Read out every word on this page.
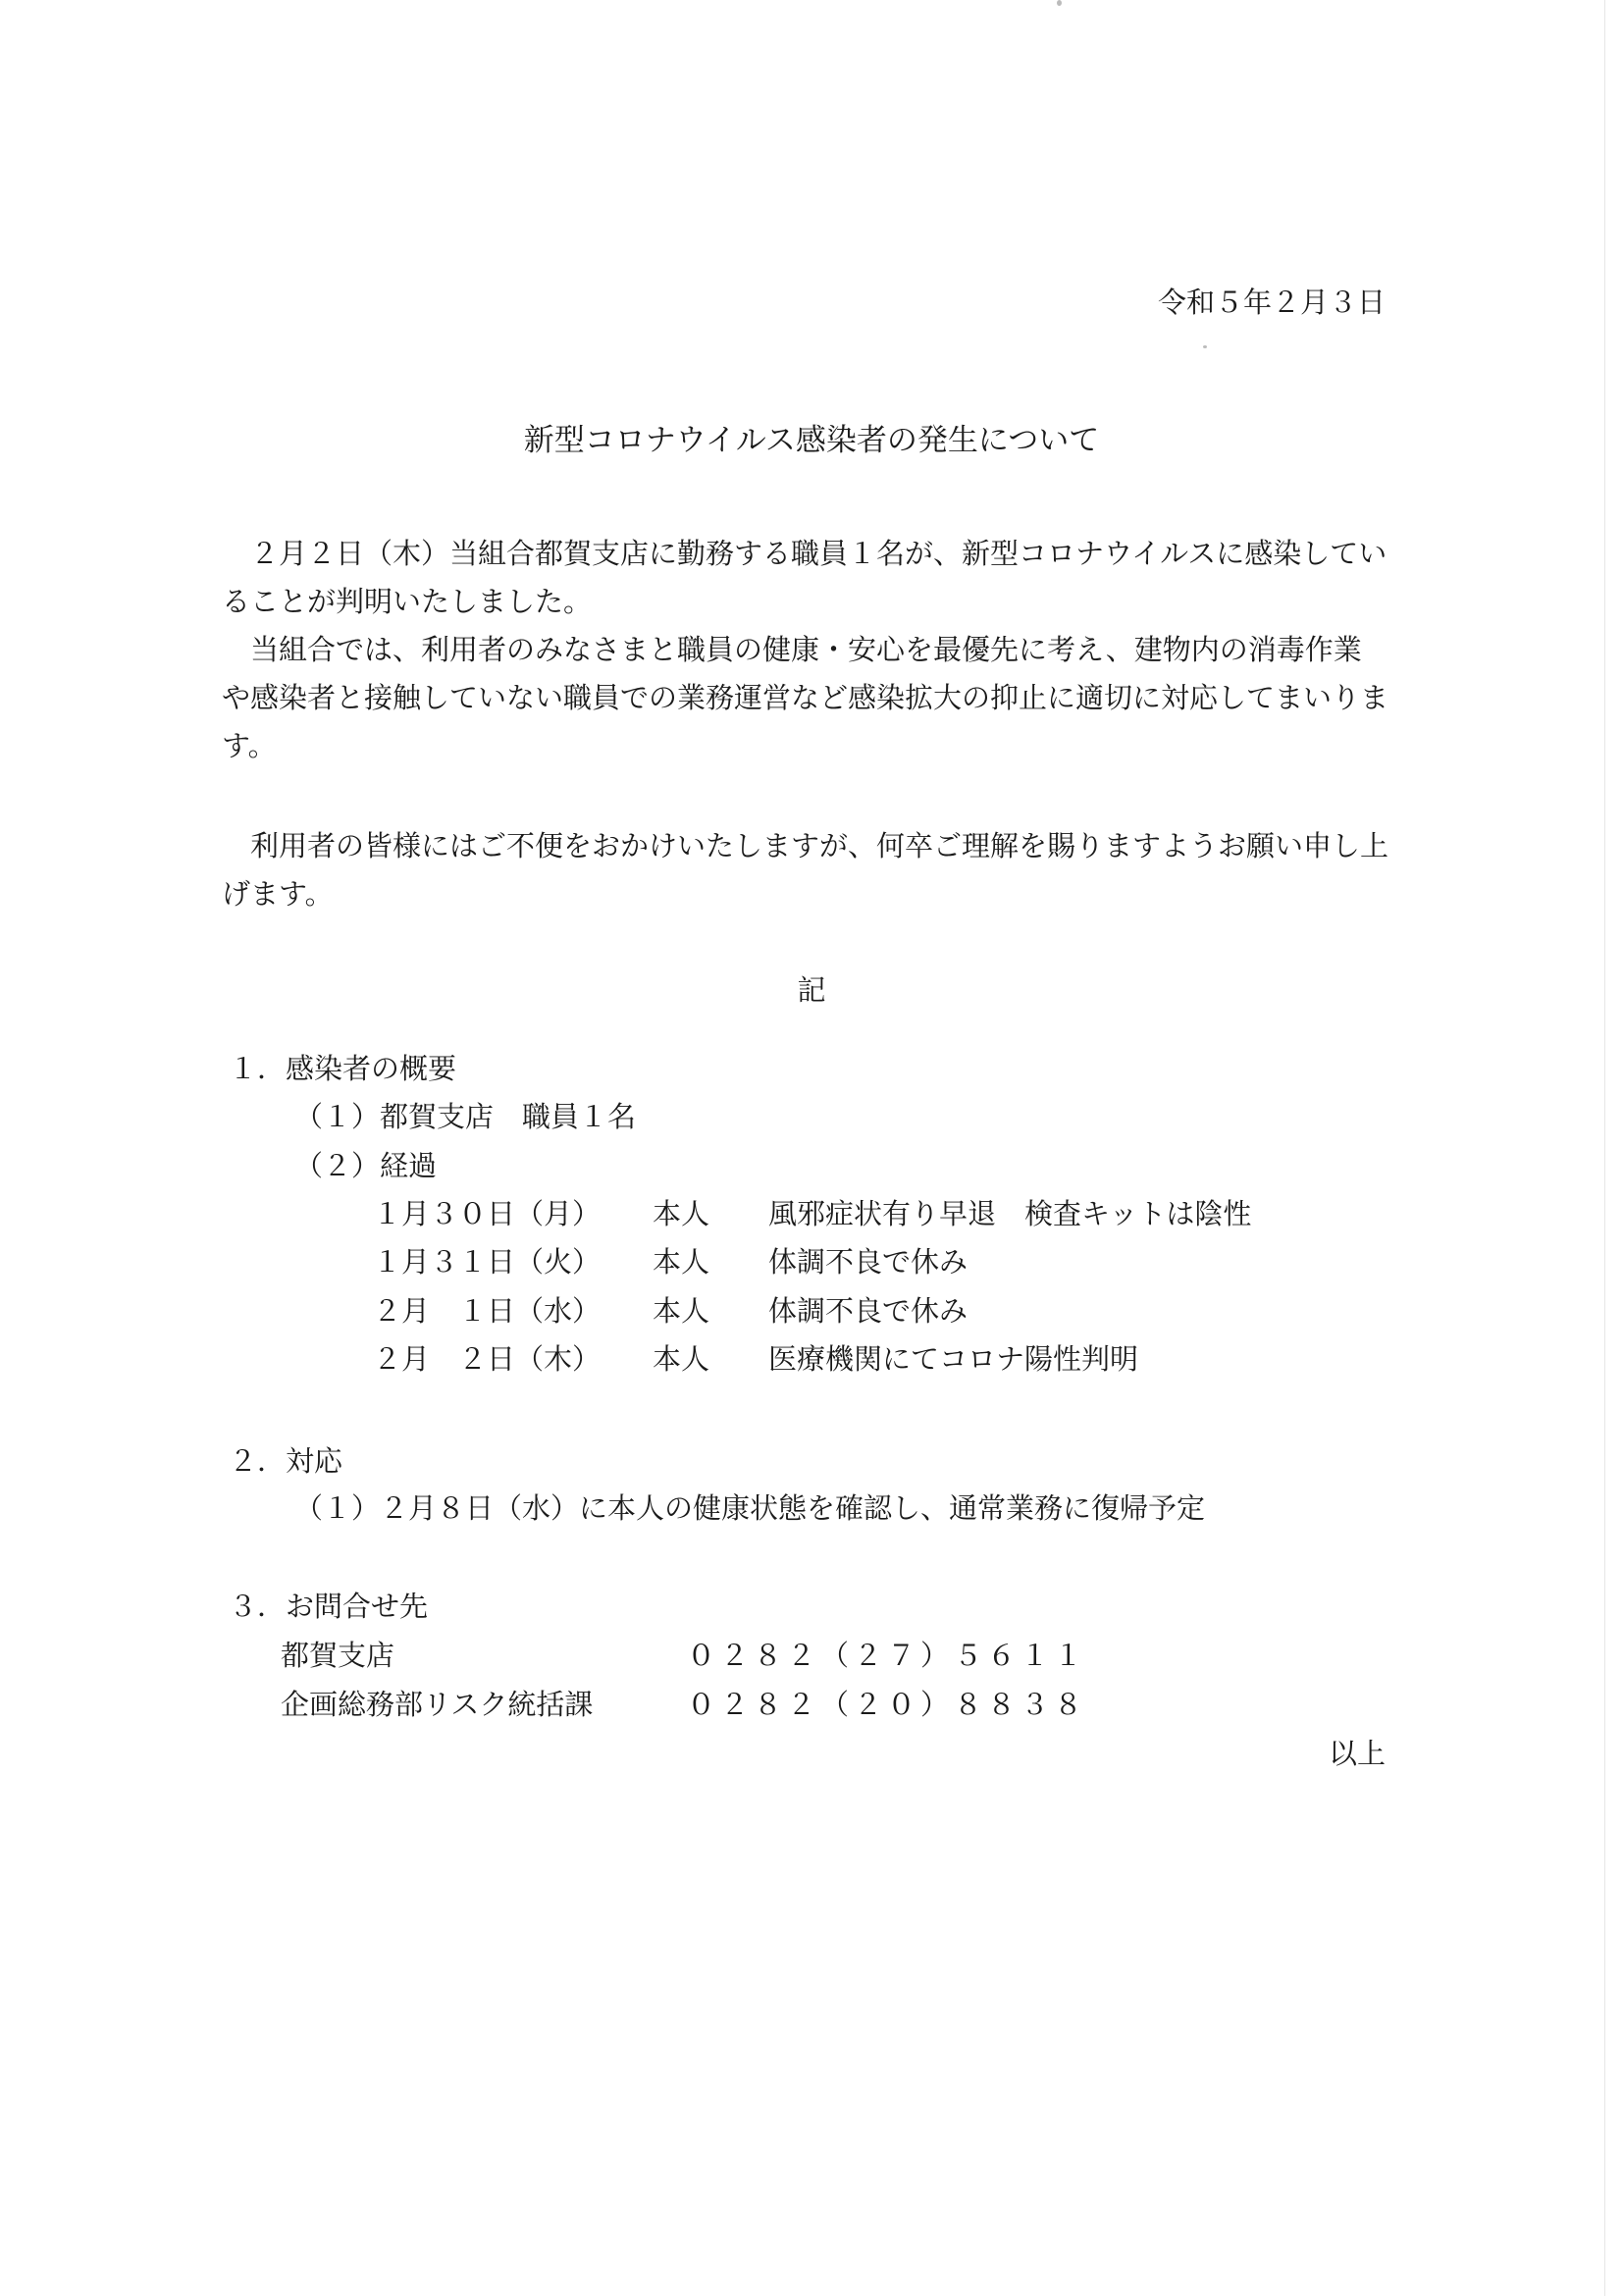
令和５年２月３日
新型コロナウイルス感染者の発生について
２月２日（木）当組合都賀支店に勤務する職員１名が、新型コロナウイルスに感染していることが判明いたしました。
当組合では、利用者のみなさまと職員の健康・安心を最優先に考え、建物内の消毒作業や感染者と接触していない職員での業務運営など感染拡大の抑止に適切に対応してまいります。
利用者の皆様にはご不便をおかけいたしますが、何卒ご理解を賜りますようお願い申し上げます。
記
１．感染者の概要
（１）都賀支店　職員１名
（２）経過
１月３０日（月） 本人 風邪症状有り早退　検査キットは陰性
１月３１日（火） 本人 体調不良で休み
２月　１日（水） 本人 体調不良で休み
２月　２日（木） 本人 医療機関にてコロナ陽性判明
２．対応
（１）２月８日（水）に本人の健康状態を確認し、通常業務に復帰予定
３．お問合せ先
都賀支店	０２８２（２７）５６１１
企画総務部リスク統括課	０２８２（２０）８８３８
以上
